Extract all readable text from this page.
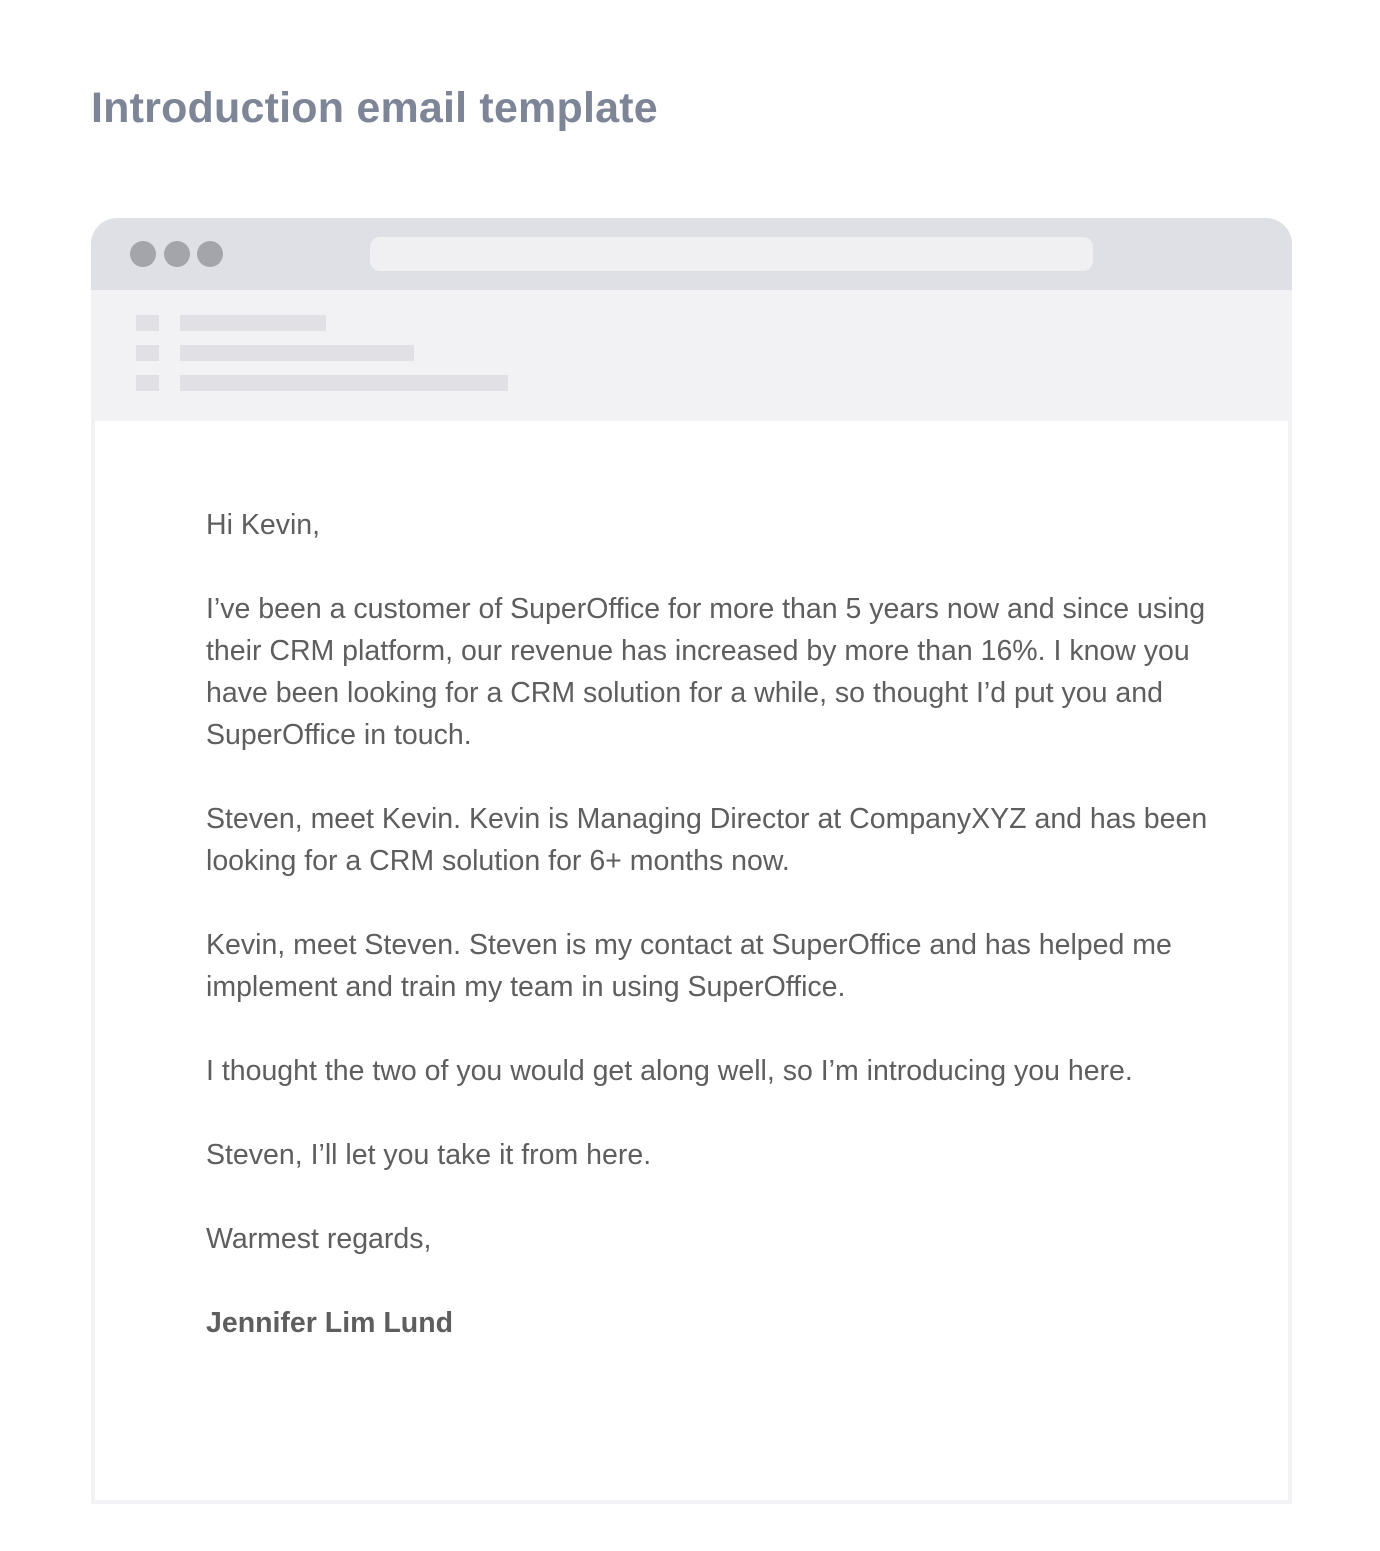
Introduction email template

Hi Kevin,

I’ve been a customer of SuperOffice for more than 5 years now and since using their CRM platform, our revenue has increased by more than 16%. I know you have been looking for a CRM solution for a while, so thought I’d put you and SuperOffice in touch.

Steven, meet Kevin. Kevin is Managing Director at CompanyXYZ and has been looking for a CRM solution for 6+ months now.

Kevin, meet Steven. Steven is my contact at SuperOffice and has helped me implement and train my team in using SuperOffice.

I thought the two of you would get along well, so I’m introducing you here.

Steven, I’ll let you take it from here.

Warmest regards,

Jennifer Lim Lund
